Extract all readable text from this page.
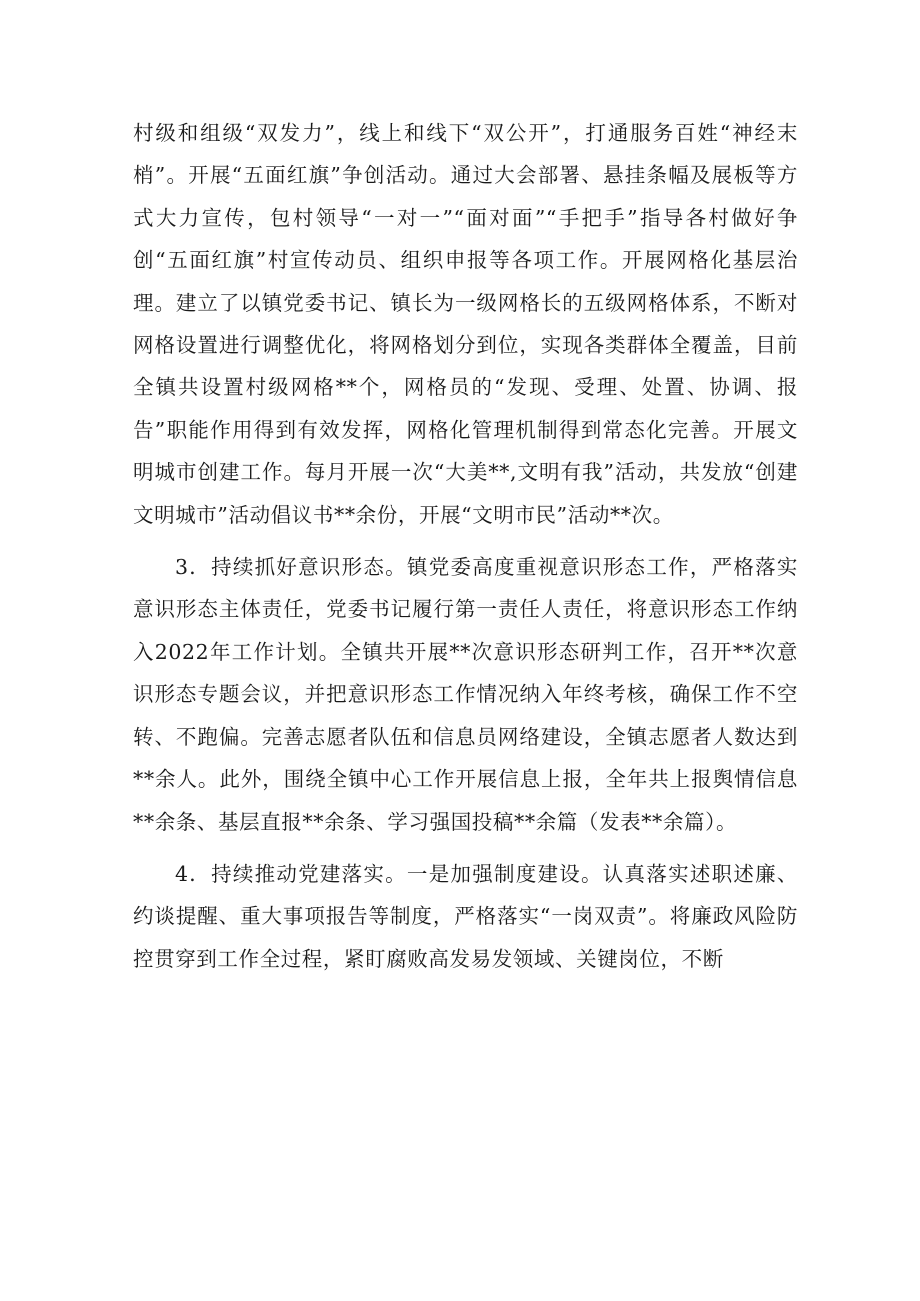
村级和组级“双发力”，线上和线下“双公开”，打通服务百姓“神经末梢”。开展“五面红旗”争创活动。通过大会部署、悬挂条幅及展板等方式大力宣传，包村领导“一对一”“面对面”“手把手”指导各村做好争创“五面红旗”村宣传动员、组织申报等各项工作。开展网格化基层治理。建立了以镇党委书记、镇长为一级网格长的五级网格体系，不断对网格设置进行调整优化，将网格划分到位，实现各类群体全覆盖，目前全镇共设置村级网格**个，网格员的“发现、受理、处置、协调、报告”职能作用得到有效发挥，网格化管理机制得到常态化完善。开展文明城市创建工作。每月开展一次“大美**,文明有我”活动，共发放“创建文明城市”活动倡议书**余份，开展“文明市民”活动**次。

3．持续抓好意识形态。镇党委高度重视意识形态工作，严格落实意识形态主体责任，党委书记履行第一责任人责任，将意识形态工作纳入2022年工作计划。全镇共开展**次意识形态研判工作，召开**次意识形态专题会议，并把意识形态工作情况纳入年终考核，确保工作不空转、不跑偏。完善志愿者队伍和信息员网络建设，全镇志愿者人数达到**余人。此外，围绕全镇中心工作开展信息上报，全年共上报舆情信息**余条、基层直报**余条、学习强国投稿**余篇（发表**余篇）。

4．持续推动党建落实。一是加强制度建设。认真落实述职述廉、约谈提醒、重大事项报告等制度，严格落实“一岗双责”。将廉政风险防控贯穿到工作全过程，紧盯腐败高发易发领域、关键岗位，不断
